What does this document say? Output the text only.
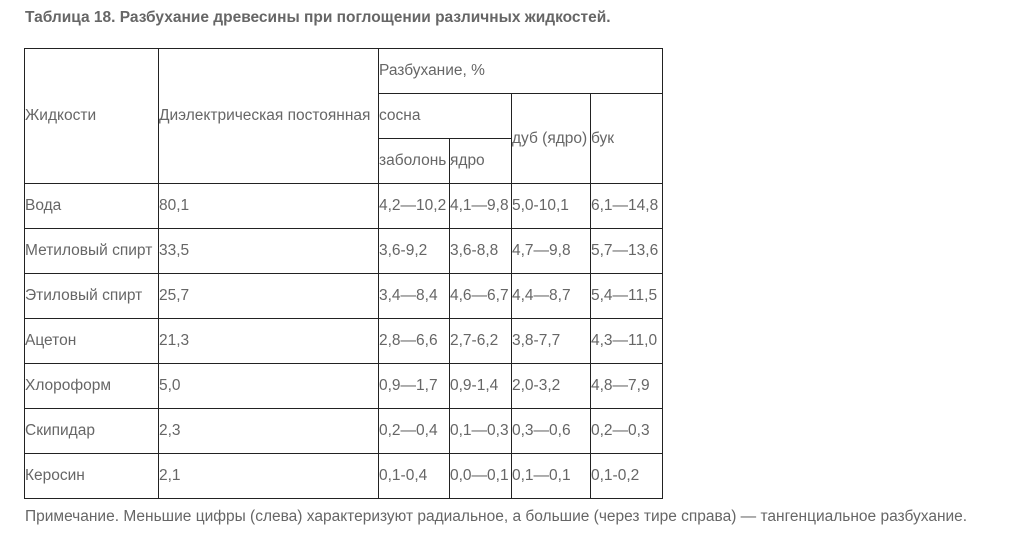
Таблица 18. Разбухание древесины при поглощении различных жидкостей.

Жидкости	Диэлектрическая постоянная	Разбухание, %			
		сосна		дуб (ядро)	бук
		заболонь	ядро		
Вода	80,1	4,2—10,2	4,1—9,8	5,0-10,1	6,1—14,8
Метиловый спирт	33,5	3,6-9,2	3,6-8,8	4,7—9,8	5,7—13,6
Этиловый спирт	25,7	3,4—8,4	4,6—6,7	4,4—8,7	5,4—11,5
Ацетон	21,3	2,8—6,6	2,7-6,2	3,8-7,7	4,3—11,0
Хлороформ	5,0	0,9—1,7	0,9-1,4	2,0-3,2	4,8—7,9
Скипидар	2,3	0,2—0,4	0,1—0,3	0,3—0,6	0,2—0,3
Керосин	2,1	0,1-0,4	0,0—0,1	0,1—0,1	0,1-0,2

Примечание. Меньшие цифры (слева) характеризуют радиальное, а большие (через тире справа) — тангенциальное разбухание.
